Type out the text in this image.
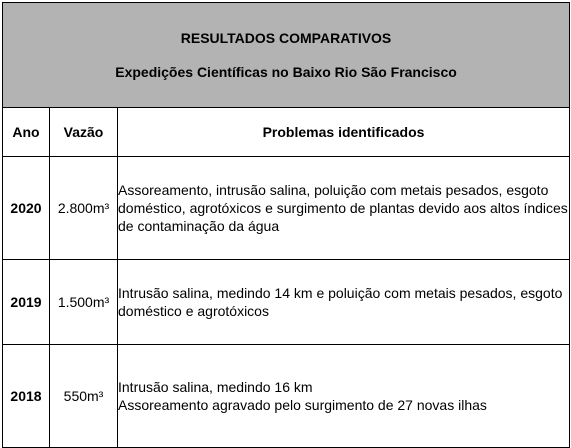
RESULTADOS COMPARATIVOS
Expedições Científicas no Baixo Rio São Francisco		

Ano	Vazão	Problemas identificados
2020	2.800m³	Assoreamento, intrusão salina, poluição com metais pesados, esgoto doméstico, agrotóxicos e surgimento de plantas devido aos altos índices de contaminação da água

2019	1.500m³	Intrusão salina, medindo 14 km e poluição com metais pesados, esgoto doméstico e agrotóxicos

2018	550m³	Intrusão salina, medindo 16 km
Assoreamento agravado pelo surgimento de 27 novas ilhas
